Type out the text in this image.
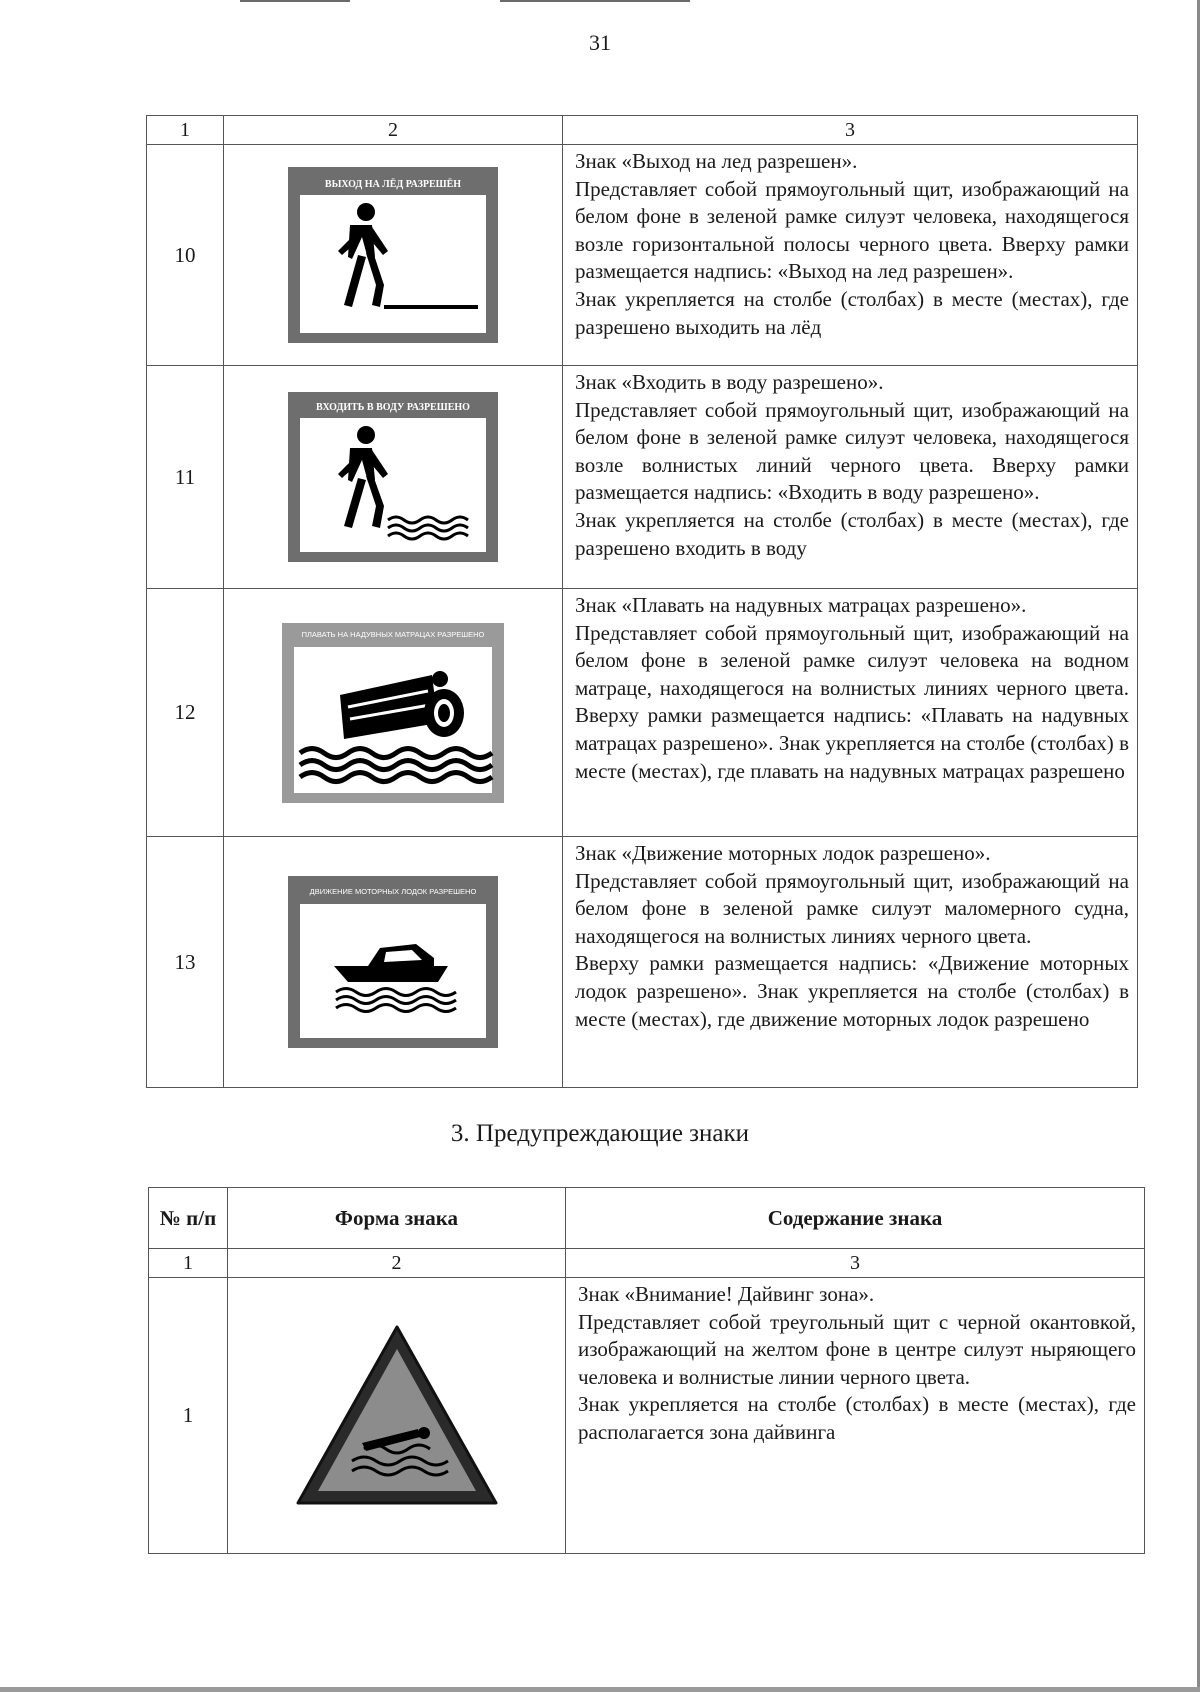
31
1	2	3
10	ВЫХОД НА ЛЁД РАЗРЕШЁН	Знак «Выход на лед разрешен».

Представляет собой прямоугольный щит, изображающий на белом фоне в зеленой рамке силуэт человека, находящегося возле горизонтальной полосы черного цвета. Вверху рамки размещается надпись: «Выход на лед разрешен».

Знак укрепляется на столбе (столбах) в месте (местах), где разрешено выходить на лёд

11	ВХОДИТЬ В ВОДУ РАЗРЕШЕНО	Знак «Входить в воду разрешено».

Представляет собой прямоугольный щит, изображающий на белом фоне в зеленой рамке силуэт человека, находящегося возле волнистых линий черного цвета. Вверху рамки размещается надпись: «Входить в воду разрешено».

Знак укрепляется на столбе (столбах) в месте (местах), где разрешено входить в воду

12	ПЛАВАТЬ НА НАДУВНЫХ МАТРАЦАХ РАЗРЕШЕНО	Знак «Плавать на надувных матрацах разрешено».

Представляет собой прямоугольный щит, изображающий на белом фоне в зеленой рамке силуэт человека на водном матраце, находящегося на волнистых линиях черного цвета. Вверху рамки размещается надпись: «Плавать на надувных матрацах разрешено». Знак укрепляется на столбе (столбах) в месте (местах), где плавать на надувных матрацах разрешено

13	ДВИЖЕНИЕ МОТОРНЫХ ЛОДОК РАЗРЕШЕНО	Знак «Движение моторных лодок разрешено».

Представляет собой прямоугольный щит, изображающий на белом фоне в зеленой рамке силуэт маломерного судна, находящегося на волнистых линиях черного цвета.

Вверху рамки размещается надпись: «Движение моторных лодок разрешено». Знак укрепляется на столбе (столбах) в месте (местах), где движение моторных лодок разрешено

3. Предупреждающие знаки
№ п/п	Форма знака	Содержание знака
1	2	3
1		Знак «Внимание! Дайвинг зона».

Представляет собой треугольный щит с черной окантовкой, изображающий на желтом фоне в центре силуэт ныряющего человека и волнистые линии черного цвета.

Знак укрепляется на столбе (столбах) в месте (местах), где располагается зона дайвинга
